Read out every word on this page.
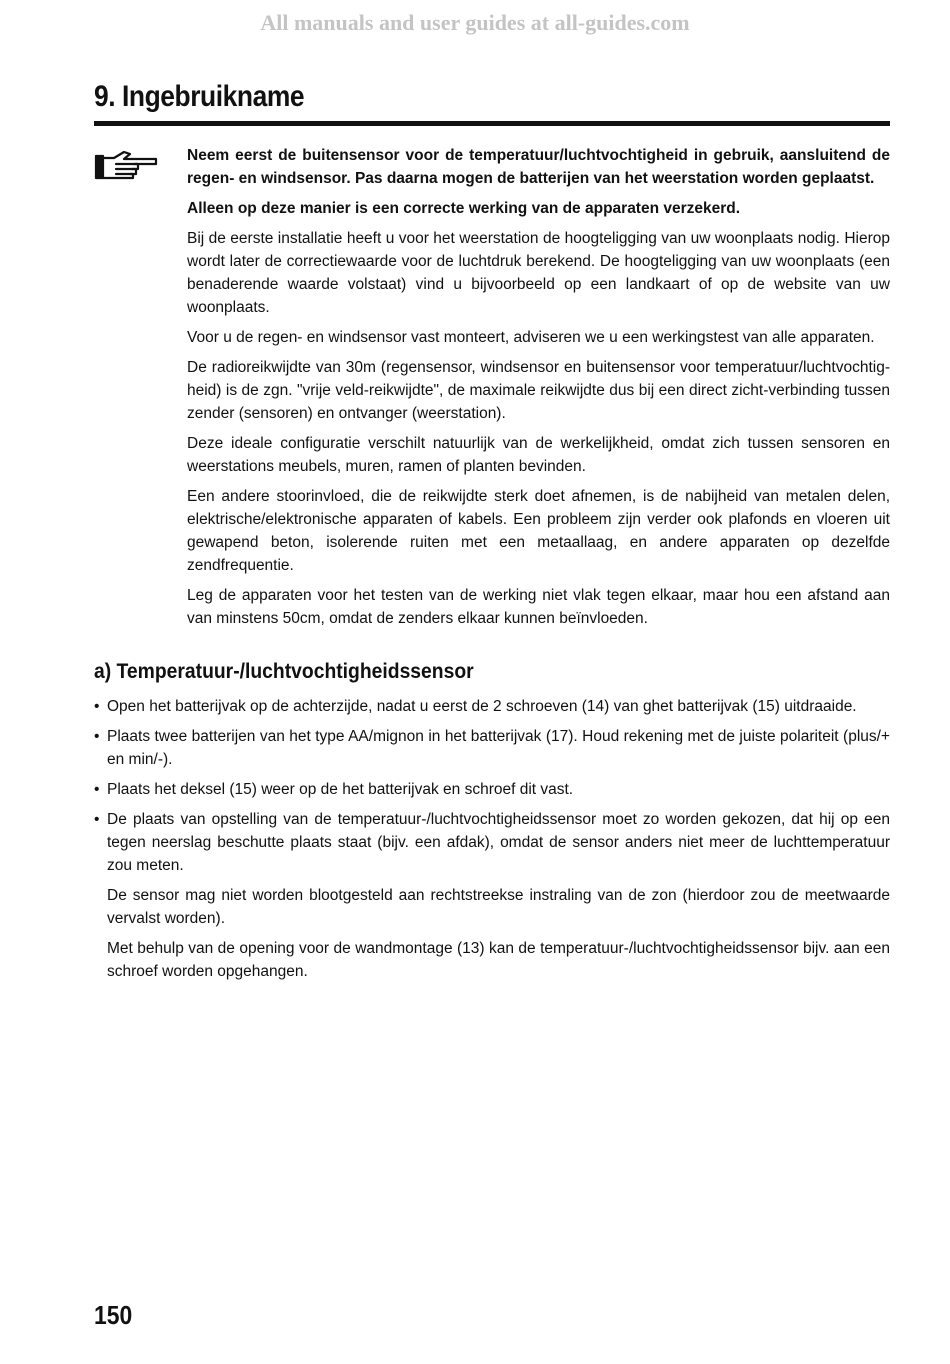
All manuals and user guides at all-guides.com
9. Ingebruikname

Neem eerst de buitensensor voor de temperatuur/luchtvochtigheid in gebruik, aansluitend de regen- en windsensor. Pas daarna mogen de batterijen van het weerstation worden geplaatst.

Alleen op deze manier is een correcte werking van de apparaten verzekerd.

Bij de eerste installatie heeft u voor het weerstation de hoogteligging van uw woonplaats nodig. Hierop wordt later de correctiewaarde voor de luchtdruk berekend. De hoogteligging van uw woonplaats (een benaderende waarde volstaat) vind u bijvoorbeeld op een landkaart of op de website van uw woonplaats.

Voor u de regen- en windsensor vast monteert, adviseren we u een werkingstest van alle apparaten.

De radioreikwijdte van 30m (regensensor, windsensor en buitensensor voor temperatuur/luchtvochtig-heid) is de zgn. "vrije veld-reikwijdte", de maximale reikwijdte dus bij een direct zicht-verbinding tussen zender (sensoren) en ontvanger (weerstation).

Deze ideale configuratie verschilt natuurlijk van de werkelijkheid, omdat zich tussen sensoren en weerstations meubels, muren, ramen of planten bevinden.

Een andere stoorinvloed, die de reikwijdte sterk doet afnemen, is de nabijheid van metalen delen, elektrische/elektronische apparaten of kabels. Een probleem zijn verder ook plafonds en vloeren uit gewapend beton, isolerende ruiten met een metaallaag, en andere apparaten op dezelfde zendfrequentie.

Leg de apparaten voor het testen van de werking niet vlak tegen elkaar, maar hou een afstand aan van minstens 50cm, omdat de zenders elkaar kunnen beïnvloeden.

a) Temperatuur-/luchtvochtigheidssensor
• Open het batterijvak op de achterzijde, nadat u eerst de 2 schroeven (14) van ghet batterijvak (15) uitdraaide.
• Plaats twee batterijen van het type AA/mignon in het batterijvak (17). Houd rekening met de juiste polariteit (plus/+ en min/-).
• Plaats het deksel (15) weer op de het batterijvak en schroef dit vast.
• De plaats van opstelling van de temperatuur-/luchtvochtigheidssensor moet zo worden gekozen, dat hij op een tegen neerslag beschutte plaats staat (bijv. een afdak), omdat de sensor anders niet meer de luchttemperatuur zou meten.
De sensor mag niet worden blootgesteld aan rechtstreekse instraling van de zon (hierdoor zou de meetwaarde vervalst worden).
Met behulp van de opening voor de wandmontage (13) kan de temperatuur-/luchtvochtigheidssensor bijv. aan een schroef worden opgehangen.
150
